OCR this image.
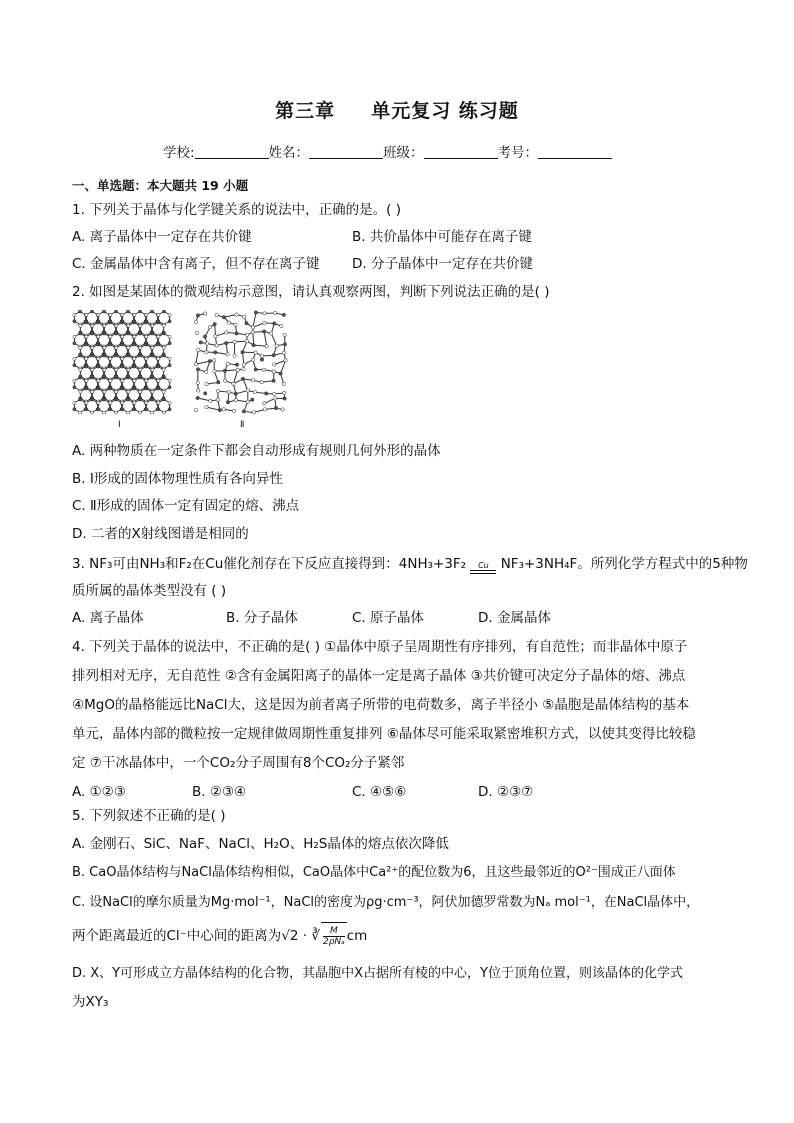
第三章 单元复习 练习题
学校:	姓名：	班级：	考号：
一、单选题：本大题共 19 小题
1. 下列关于晶体与化学键关系的说法中，正确的是。( )
A. 离子晶体中一定存在共价键	B. 共价晶体中可能存在离子键
C. 金属晶体中含有离子，但不存在离子键 D. 分子晶体中一定存在共价键
2. 如图是某固体的微观结构示意图，请认真观察两图，判断下列说法正确的是( )
Ⅰ	Ⅱ
A. 两种物质在一定条件下都会自动形成有规则几何外形的晶体
B. Ⅰ形成的固体物理性质有各向异性
C. Ⅱ形成的固体一定有固定的熔、沸点
D. 二者的X射线图谱是相同的
3. NF₃可由NH₃和F₂在Cu催化剂存在下反应直接得到：4NH₃+3F₂	Cu NF₃+3NH₄F。所列化学方程式中的5种物
质所属的晶体类型没有 ( )
A. 离子晶体	B. 分子晶体	C. 原子晶体	D. 金属晶体
4. 下列关于晶体的说法中，不正确的是( ) ①晶体中原子呈周期性有序排列，有自范性；而非晶体中原子
排列相对无序，无自范性 ②含有金属阳离子的晶体一定是离子晶体 ③共价键可决定分子晶体的熔、沸点
④MgO的晶格能远比NaCl大，这是因为前者离子所带的电荷数多，离子半径小 ⑤晶胞是晶体结构的基本
单元，晶体内部的微粒按一定规律做周期性重复排列 ⑥晶体尽可能采取紧密堆积方式，以使其变得比较稳
定 ⑦干冰晶体中，一个CO₂分子周围有8个CO₂分子紧邻
A. ①②③	B. ②③④	C. ④⑤⑥	D. ②③⑦
5. 下列叙述不正确的是( )
A. 金刚石、SiC、NaF、NaCl、H₂O、H₂S晶体的熔点依次降低
B. CaO晶体结构与NaCl晶体结构相似，CaO晶体中Ca²⁺的配位数为6，且这些最邻近的O²⁻围成正八面体
C. 设NaCl的摩尔质量为Mg·mol⁻¹，NaCl的密度为ρg·cm⁻³，阿伏加德罗常数为Nₐ mol⁻¹，在NaCl晶体中，
两个距离最近的Cl⁻中心间的距离为√2 · ∛ $\frac{M}{\text{2ρNₐ}}$ cm
D. X、Y可形成立方晶体结构的化合物，其晶胞中X占据所有棱的中心，Y位于顶角位置，则该晶体的化学式
为XY₃
